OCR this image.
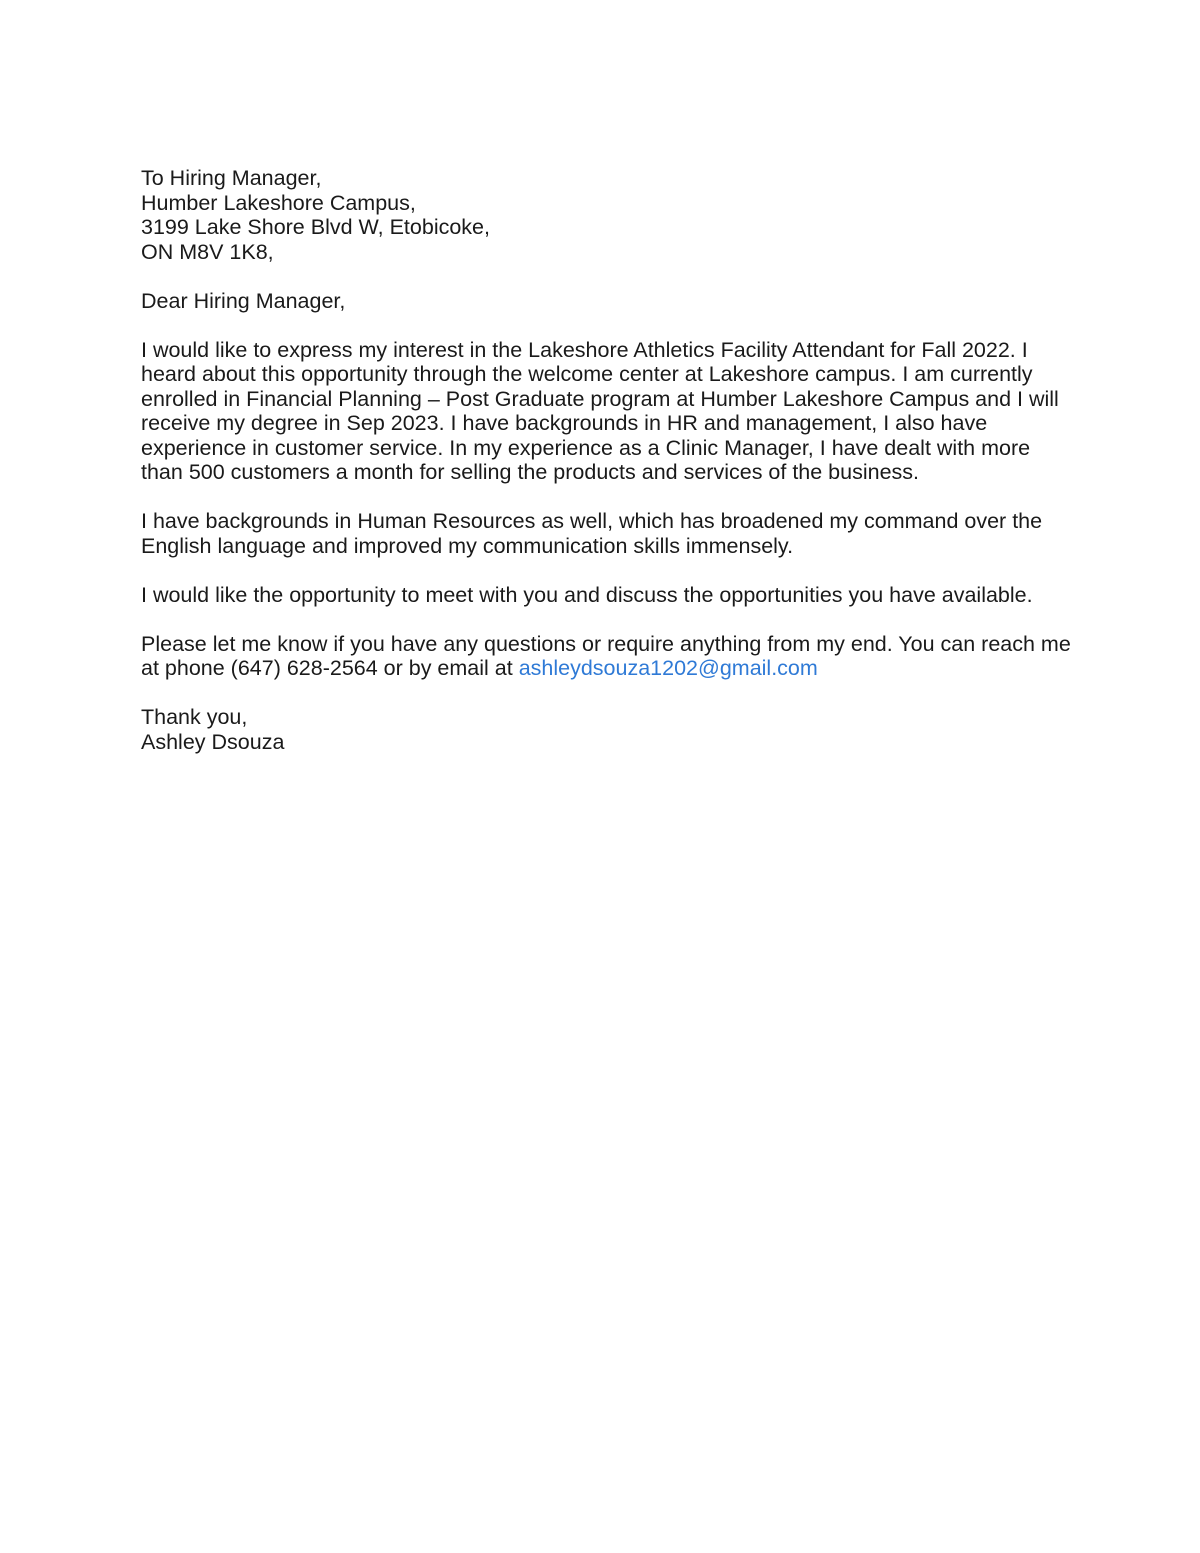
To Hiring Manager,
Humber Lakeshore Campus,
3199 Lake Shore Blvd W, Etobicoke,
ON M8V 1K8,

Dear Hiring Manager,

I would like to express my interest in the Lakeshore Athletics Facility Attendant for Fall 2022. I heard about this opportunity through the welcome center at Lakeshore campus. I am currently enrolled in Financial Planning – Post Graduate program at Humber Lakeshore Campus and I will receive my degree in Sep 2023. I have backgrounds in HR and management, I also have experience in customer service. In my experience as a Clinic Manager, I have dealt with more than 500 customers a month for selling the products and services of the business.

I have backgrounds in Human Resources as well, which has broadened my command over the English language and improved my communication skills immensely.

I would like the opportunity to meet with you and discuss the opportunities you have available.

Please let me know if you have any questions or require anything from my end. You can reach me at phone (647) 628-2564 or by email at ashleydsouza1202@gmail.com

Thank you,
Ashley Dsouza
